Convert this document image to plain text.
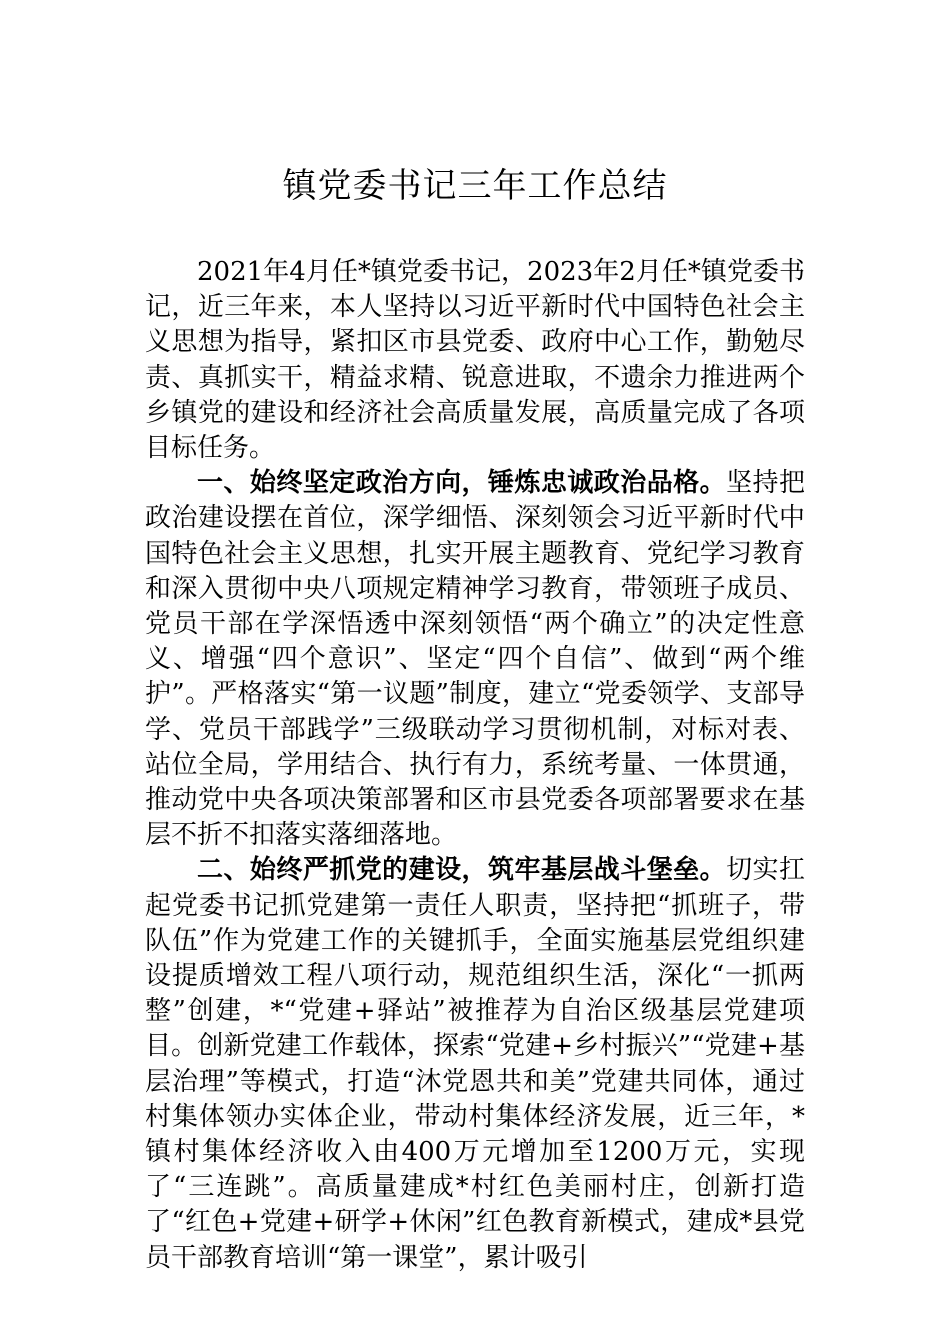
镇党委书记三年工作总结

2021年4月任*镇党委书记，2023年2月任*镇党委书记，近三年来，本人坚持以习近平新时代中国特色社会主义思想为指导，紧扣区市县党委、政府中心工作，勤勉尽责、真抓实干，精益求精、锐意进取，不遗余力推进两个乡镇党的建设和经济社会高质量发展，高质量完成了各项目标任务。

一、始终坚定政治方向，锤炼忠诚政治品格。坚持把政治建设摆在首位，深学细悟、深刻领会习近平新时代中国特色社会主义思想，扎实开展主题教育、党纪学习教育和深入贯彻中央八项规定精神学习教育，带领班子成员、党员干部在学深悟透中深刻领悟“两个确立”的决定性意义、增强“四个意识”、坚定“四个自信”、做到“两个维护”。严格落实“第一议题”制度，建立“党委领学、支部导学、党员干部践学”三级联动学习贯彻机制，对标对表、站位全局，学用结合、执行有力，系统考量、一体贯通，推动党中央各项决策部署和区市县党委各项部署要求在基层不折不扣落实落细落地。

二、始终严抓党的建设，筑牢基层战斗堡垒。切实扛起党委书记抓党建第一责任人职责，坚持把“抓班子，带队伍”作为党建工作的关键抓手，全面实施基层党组织建设提质增效工程八项行动，规范组织生活，深化“一抓两整”创建，*“党建+驿站”被推荐为自治区级基层党建项目。创新党建工作载体，探索“党建+乡村振兴”“党建+基层治理”等模式，打造“沐党恩共和美”党建共同体，通过村集体领办实体企业，带动村集体经济发展，近三年，*镇村集体经济收入由400万元增加至1200万元，实现了“三连跳”。高质量建成*村红色美丽村庄，创新打造了“红色+党建+研学+休闲”红色教育新模式，建成*县党员干部教育培训“第一课堂”，累计吸引
